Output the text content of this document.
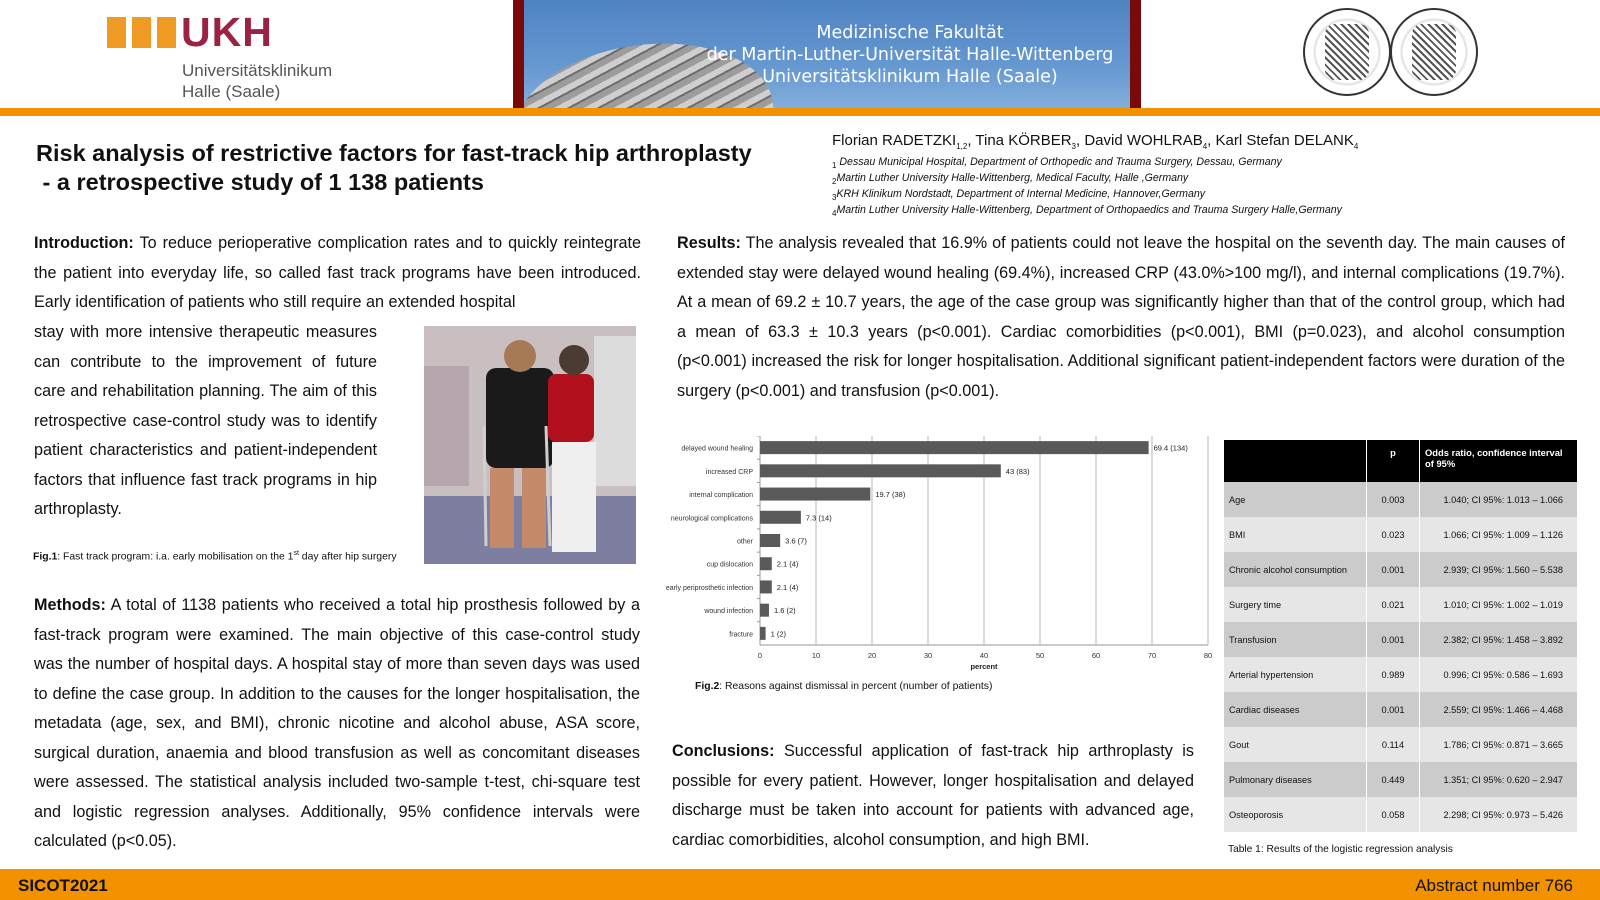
UKH
Universitätsklinikum
Halle (Saale)
Medizinische Fakultät
der Martin-Luther-Universität Halle-Wittenberg
Universitätsklinikum Halle (Saale)
Risk analysis of restrictive factors for fast-track hip arthroplasty
- a retrospective study of 1 138 patients
Florian $RADETZKI_{1,2}$, Tina $KÖRBER_3$, David $WOHLRAB_4$, Karl Stefan $DELANK_4$
$_1$ Dessau Municipal Hospital, Department of Orthopedic and Trauma Surgery, Dessau, Germany
$_2$Martin Luther University Halle-Wittenberg, Medical Faculty, Halle ,Germany
$_3$KRH Klinikum Nordstadt, Department of Internal Medicine, Hannover,Germany
$_4$Martin Luther University Halle-Wittenberg, Department of Orthopaedics and Trauma Surgery Halle,Germany
Introduction: To reduce perioperative complication rates and to quickly reintegrate the patient into everyday life, so called fast track programs have been introduced. Early identification of patients who still require an extended hospital
stay with more intensive therapeutic measures can contribute to the improvement of future care and rehabilitation planning. The aim of this retrospective case-control study was to identify patient characteristics and patient-independent factors that influence fast track programs in hip arthroplasty.
Fig.1: Fast track program: i.a. early mobilisation on the 1st day after hip surgery
Methods: A total of 1138 patients who received a total hip prosthesis followed by a fast-track program were examined. The main objective of this case-control study was the number of hospital days. A hospital stay of more than seven days was used to define the case group. In addition to the causes for the longer hospitalisation, the metadata (age, sex, and BMI), chronic nicotine and alcohol abuse, ASA score, surgical duration, anaemia and blood transfusion as well as concomitant diseases were assessed. The statistical analysis included two-sample t-test, chi-square test and logistic regression analyses. Additionally, 95% confidence intervals were calculated (p<0.05).
Results: The analysis revealed that 16.9% of patients could not leave the hospital on the seventh day. The main causes of extended stay were delayed wound healing (69.4%), increased CRP (43.0%>100 mg/l), and internal complications (19.7%). At a mean of 69.2 ± 10.7 years, the age of the case group was significantly higher than that of the control group, which had a mean of 63.3 ± 10.3 years (p<0.001). Cardiac comorbidities (p<0.001), BMI (p=0.023), and alcohol consumption (p<0.001) increased the risk for longer hospitalisation. Additional significant patient-independent factors were duration of the surgery (p<0.001) and transfusion (p<0.001).
0	10	20	30	40	50	60	70	80
percent
delayed wound healing	69.4 (134)
increased CRP	43 (83)
internal complication	19.7 (38)
neurological complications	7.3 (14)
other	3.6 (7)
cup dislocation	2.1 (4)
early periprosthetic infection	2.1 (4)
wound infection	1.6 (2)
fracture 1 (2)
Fig.2: Reasons against dismissal in percent (number of patients)
	p	Odds ratio, confidence interval of 95%
Age	0.003	1.040; CI 95%: 1.013 – 1.066
BMI	0.023	1.066; CI 95%: 1.009 – 1.126
Chronic alcohol consumption	0.001	2.939; CI 95%: 1.560 – 5.538
Surgery time	0.021	1.010; CI 95%: 1.002 – 1.019
Transfusion	0.001	2.382; CI 95%: 1.458 – 3.892
Arterial hypertension	0.989	0.996; CI 95%: 0.586 – 1.693
Cardiac diseases	0.001	2.559; CI 95%: 1.466 – 4.468
Gout	0.114	1.786; CI 95%: 0.871 – 3.665
Pulmonary diseases	0.449	1.351; CI 95%: 0.620 – 2.947
Osteoporosis	0.058	2.298; CI 95%: 0.973 – 5.426
Table 1: Results of the logistic regression analysis
Conclusions: Successful application of fast-track hip arthroplasty is possible for every patient. However, longer hospitalisation and delayed discharge must be taken into account for patients with advanced age, cardiac comorbidities, alcohol consumption, and high BMI.
SICOT2021	Abstract number 766
